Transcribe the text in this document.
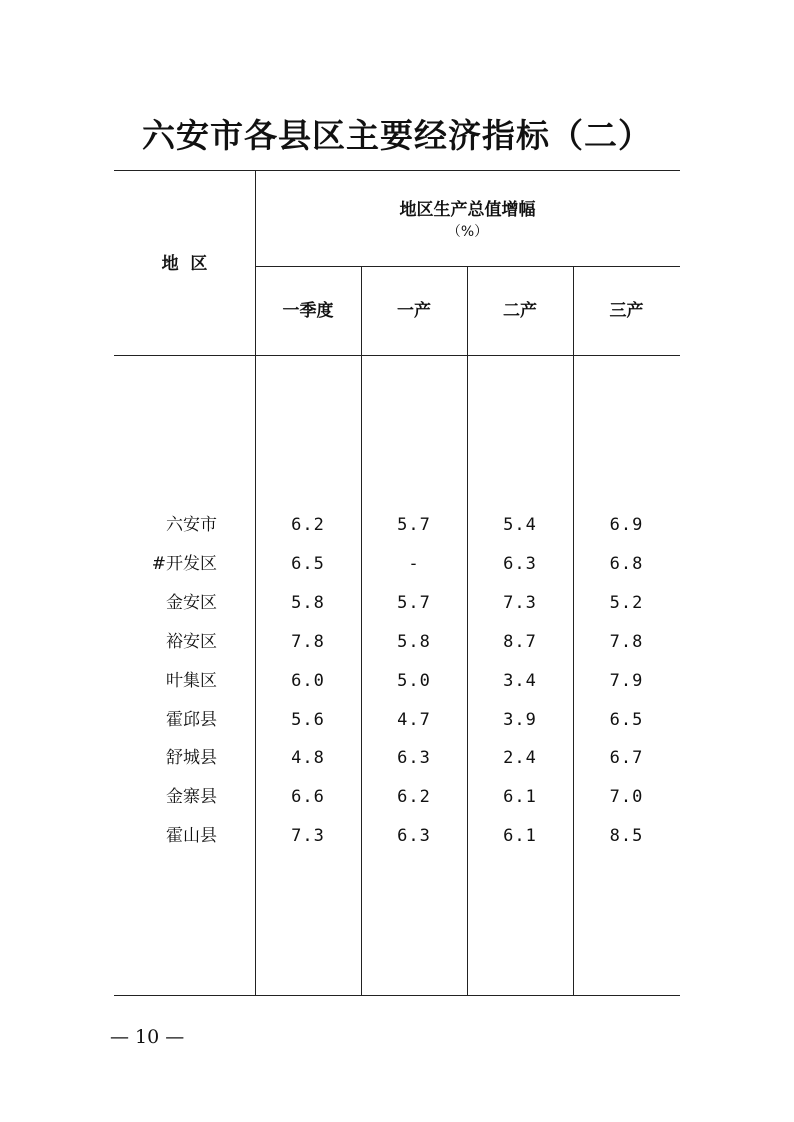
六安市各县区主要经济指标（二）
地  区
地区生产总值增幅
（%）
一季度	一产	二产	三产
六安市	6.2	5.7	5.4	6.9
#开发区	6.5	-	6.3	6.8
金安区	5.8	5.7	7.3	5.2
裕安区	7.8	5.8	8.7	7.8
叶集区	6.0	5.0	3.4	7.9
霍邱县	5.6	4.7	3.9	6.5
舒城县	4.8	6.3	2.4	6.7
金寨县	6.6	6.2	6.1	7.0
霍山县	7.3	6.3	6.1	8.5
— 10 —
